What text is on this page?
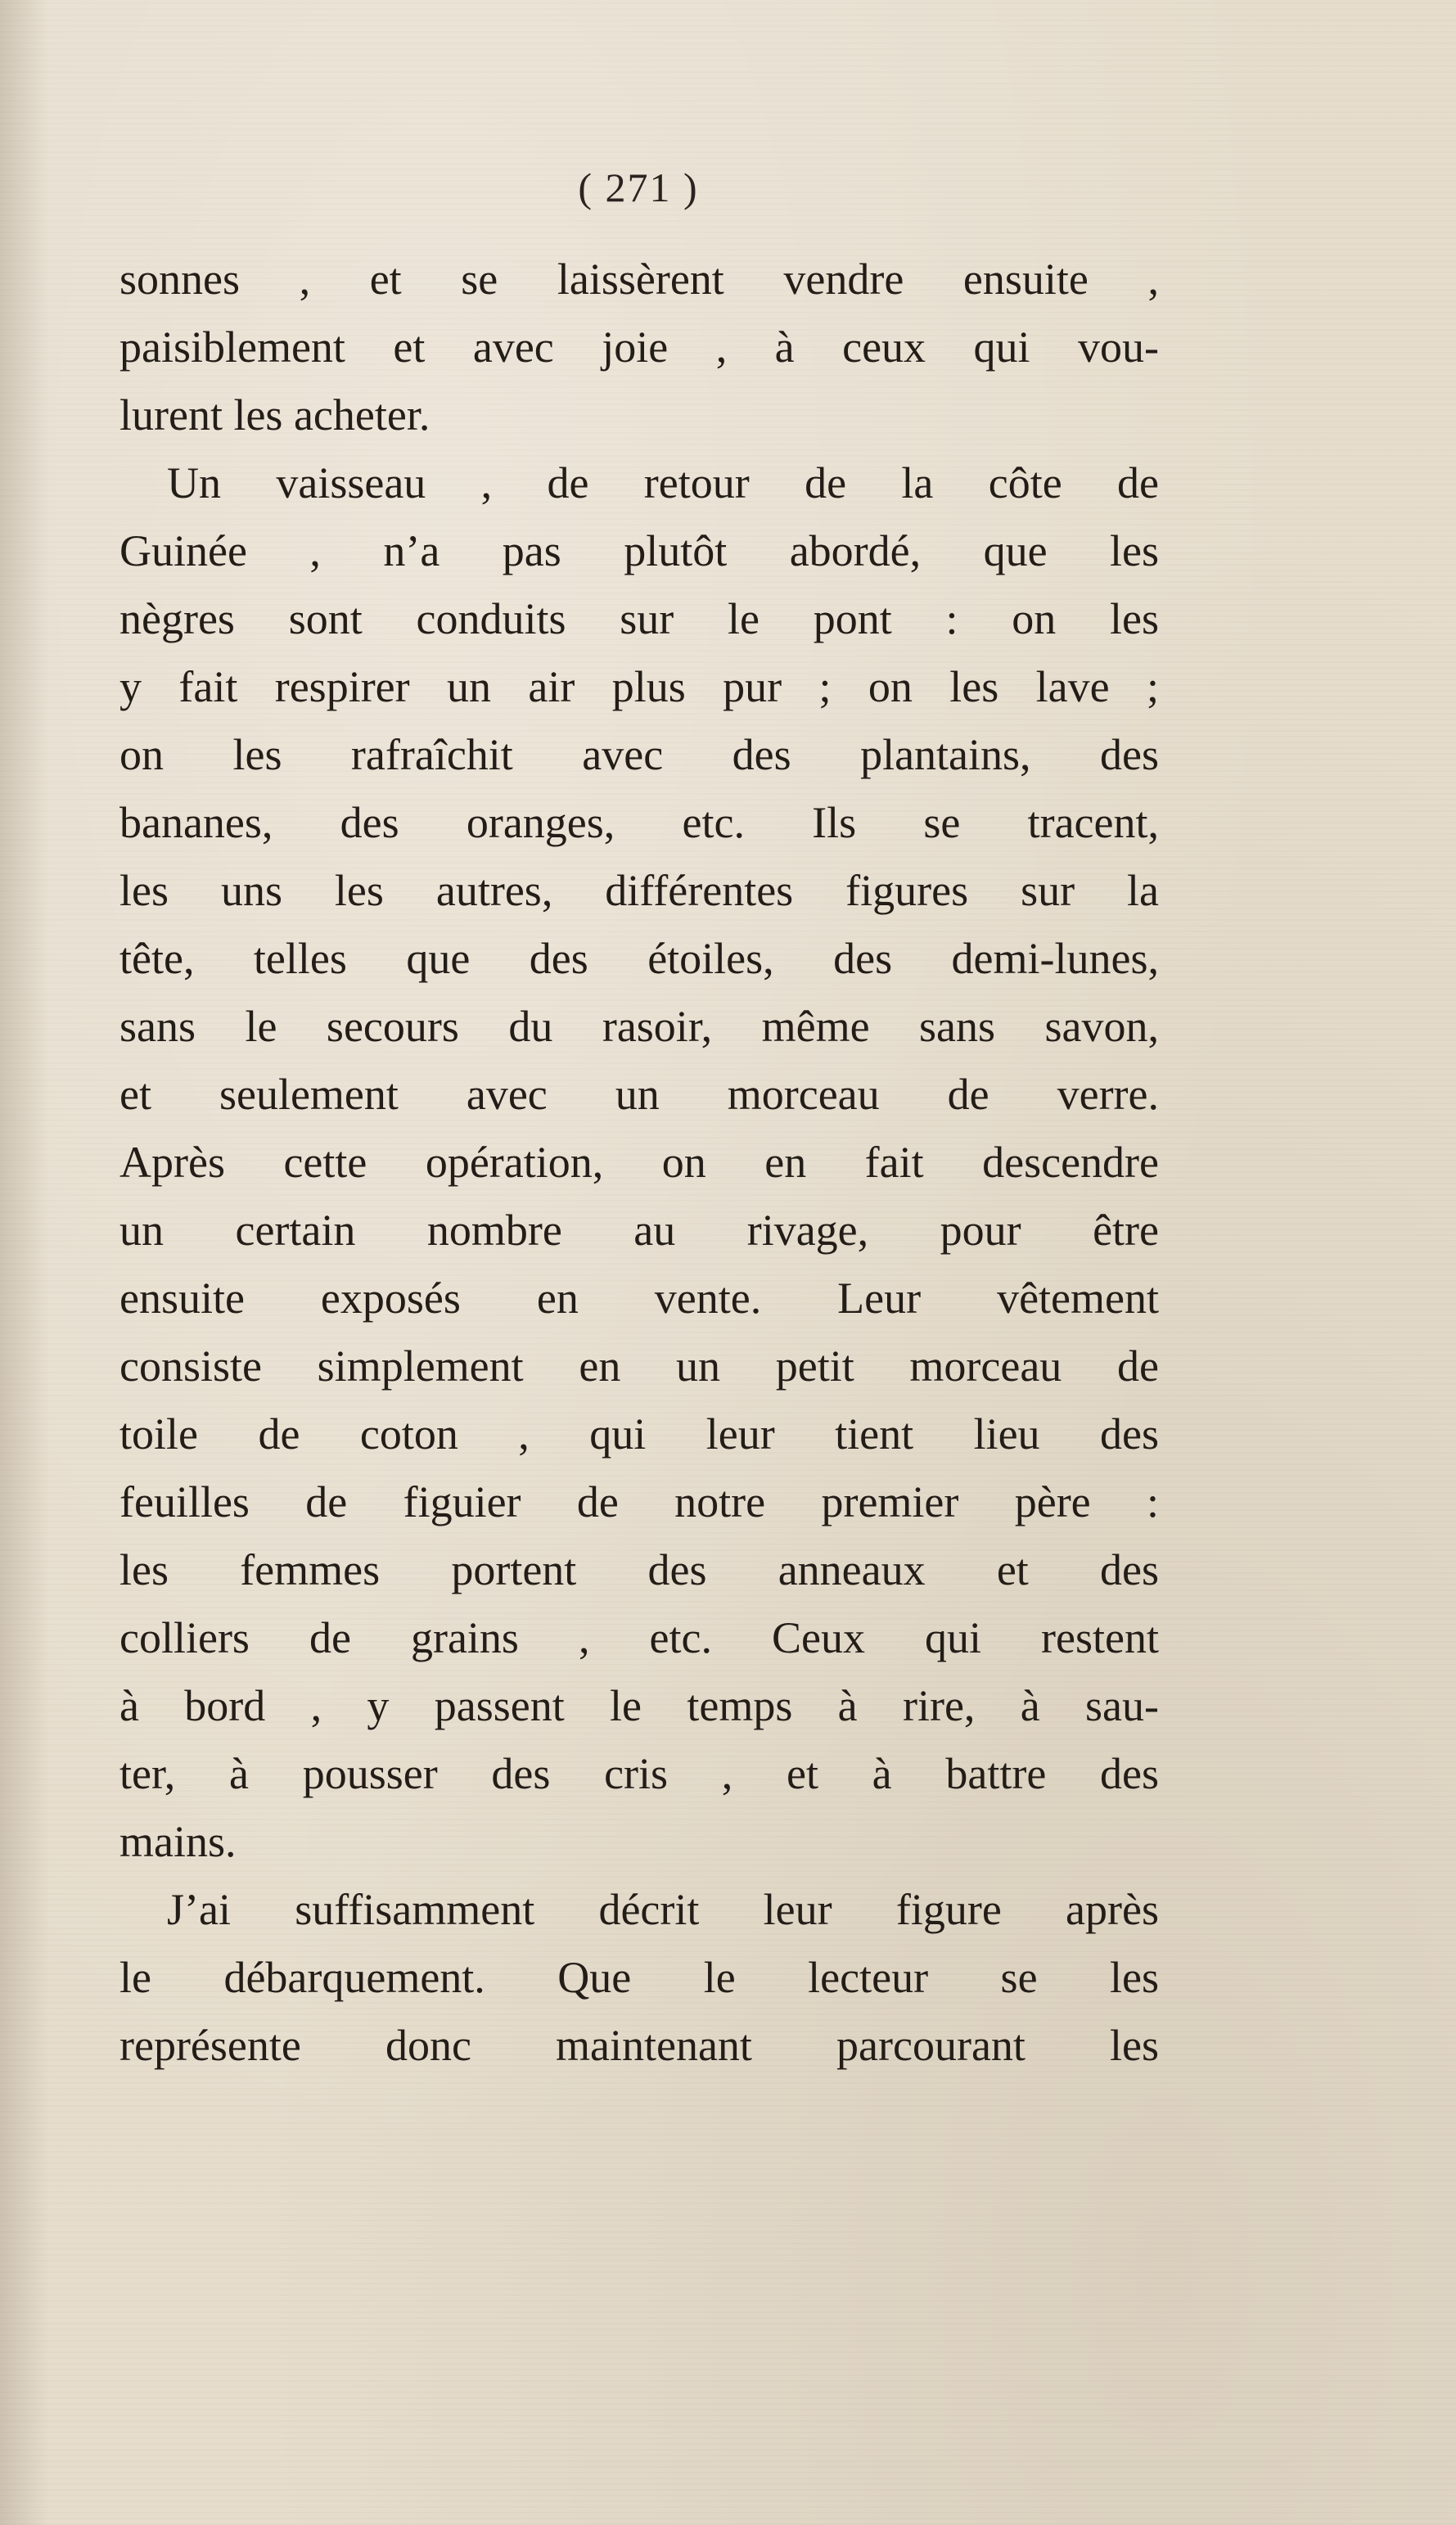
( 271 )
sonnes , et se laissèrent vendre ensuite ,
paisiblement et avec joie , à ceux qui vou-
lurent les acheter.
Un vaisseau , de retour de la côte de
Guinée , n’a pas plutôt abordé, que les
nègres sont conduits sur le pont : on les
y fait respirer un air plus pur ; on les lave ;
on les rafraîchit avec des plantains, des
bananes, des oranges, etc. Ils se tracent,
les uns les autres, différentes figures sur la
tête, telles que des étoiles, des demi-lunes,
sans le secours du rasoir, même sans savon,
et seulement avec un morceau de verre.
Après cette opération, on en fait descendre
un certain nombre au rivage, pour être
ensuite exposés en vente. Leur vêtement
consiste simplement en un petit morceau de
toile de coton , qui leur tient lieu des
feuilles de figuier de notre premier père :
les femmes portent des anneaux et des
colliers de grains , etc. Ceux qui restent
à bord , y passent le temps à rire, à sau-
ter, à pousser des cris , et à battre des
mains.
J’ai suffisamment décrit leur figure après
le débarquement. Que le lecteur se les
représente donc maintenant parcourant les
